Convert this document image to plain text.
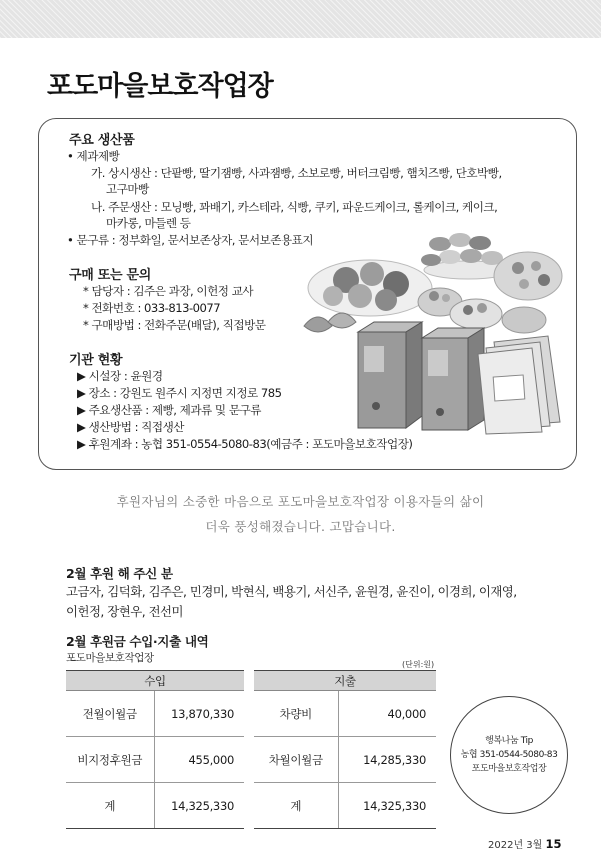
포도마을보호작업장
주요 생산품
• 제과제빵
가. 상시생산 : 단팥빵, 딸기잼빵, 사과잼빵, 소보로빵, 버터크림빵, 햄치즈빵, 단호박빵,
고구마빵
나. 주문생산 : 모닝빵, 꽈배기, 카스테라, 식빵, 쿠키, 파운드케이크, 롤케이크, 케이크,
마카롱, 마들렌 등
• 문구류 : 정부화일, 문서보존상자, 문서보존용표지
구매 또는 문의
* 담당자 : 김주은 과장, 이헌정 교사
* 전화번호 : 033-813-0077
* 구매방법 : 전화주문(배달), 직접방문
기관 현황
▶ 시설장 : 윤원경
▶ 장소 : 강원도 원주시 지정면 지정로 785
▶ 주요생산품 : 제빵, 제과류 및 문구류
▶ 생산방법 : 직접생산
▶ 후원계좌 : 농협 351-0554-5080-83(예금주 : 포도마을보호작업장)
후원자님의 소중한 마음으로 포도마을보호작업장 이용자들의 삶이
더욱 풍성해졌습니다. 고맙습니다.
2월 후원 해 주신 분
고금자, 김덕화, 김주은, 민경미, 박현식, 백용기, 서신주, 윤원경, 윤진이, 이경희, 이재영,
이헌정, 장현우, 전선미
2월 후원금 수입·지출 내역
포도마을보호작업장
(단위:원)
수입	
전월이월금	13,870,330
비지정후원금	455,000
계	14,325,330
지출	
차량비	40,000
차월이월금	14,285,330
계	14,325,330
행복나눔 Tip
농협 351-0544-5080-83
포도마을보호작업장
2022년 3월 15
